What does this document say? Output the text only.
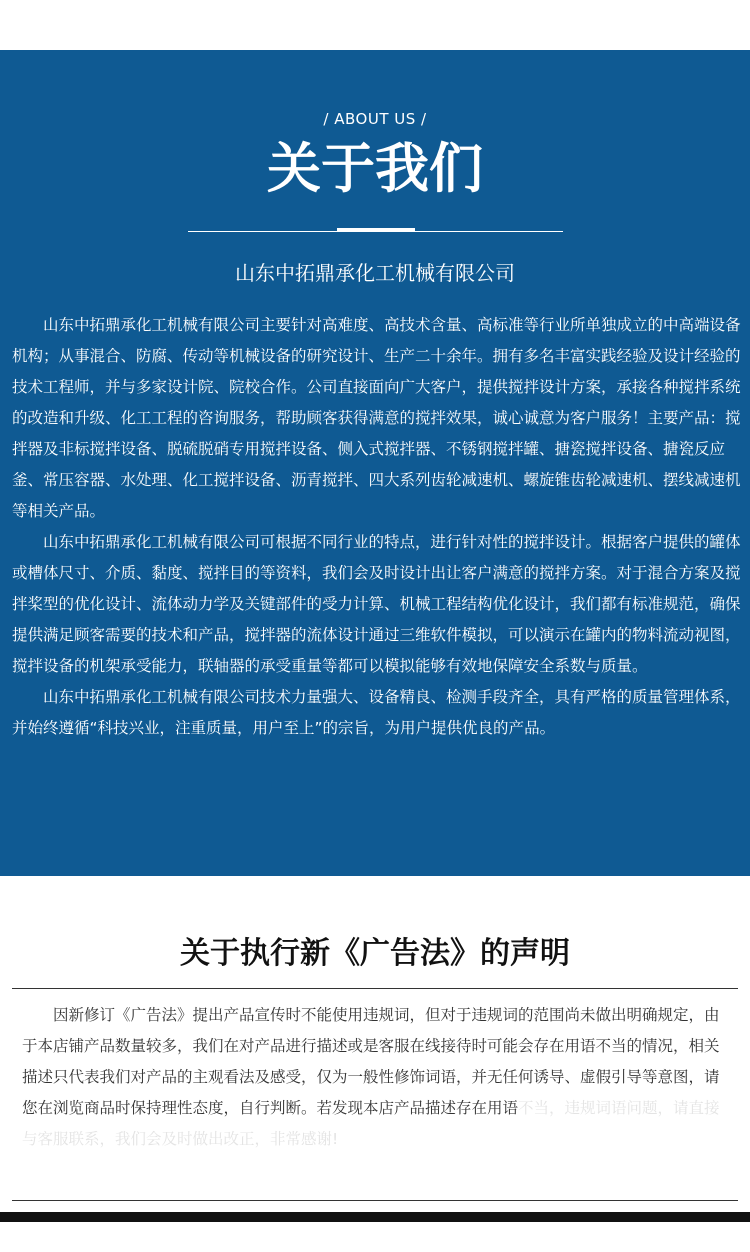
/ ABOUT US /
关于我们
山东中拓鼎承化工机械有限公司

山东中拓鼎承化工机械有限公司主要针对高难度、高技术含量、高标准等行业所单独成立的中高端设备机构；从事混合、防腐、传动等机械设备的研究设计、生产二十余年。拥有多名丰富实践经验及设计经验的技术工程师，并与多家设计院、院校合作。公司直接面向广大客户，提供搅拌设计方案，承接各种搅拌系统的改造和升级、化工工程的咨询服务，帮助顾客获得满意的搅拌效果，诚心诚意为客户服务！主要产品：搅拌器及非标搅拌设备、脱硫脱硝专用搅拌设备、侧入式搅拌器、不锈钢搅拌罐、搪瓷搅拌设备、搪瓷反应釜、常压容器、水处理、化工搅拌设备、沥青搅拌、四大系列齿轮减速机、螺旋锥齿轮减速机、摆线减速机等相关产品。

山东中拓鼎承化工机械有限公司可根据不同行业的特点，进行针对性的搅拌设计。根据客户提供的罐体或槽体尺寸、介质、黏度、搅拌目的等资料，我们会及时设计出让客户满意的搅拌方案。对于混合方案及搅拌桨型的优化设计、流体动力学及关键部件的受力计算、机械工程结构优化设计，我们都有标准规范，确保提供满足顾客需要的技术和产品，搅拌器的流体设计通过三维软件模拟，可以演示在罐内的物料流动视图，搅拌设备的机架承受能力，联轴器的承受重量等都可以模拟能够有效地保障安全系数与质量。

山东中拓鼎承化工机械有限公司技术力量强大、设备精良、检测手段齐全，具有严格的质量管理体系，并始终遵循“科技兴业，注重质量，用户至上”的宗旨，为用户提供优良的产品。

关于执行新《广告法》的声明
因新修订《广告法》提出产品宣传时不能使用违规词，但对于违规词的范围尚未做出明确规定，由于本店铺产品数量较多，我们在对产品进行描述或是客服在线接待时可能会存在用语不当的情况，相关描述只代表我们对产品的主观看法及感受，仅为一般性修饰词语，并无任何诱导、虚假引导等意图，请您在浏览商品时保持理性态度，自行判断。若发现本店产品描述存在用语 不当，违规词语问题，请直接与客服联系，我们会及时做出改正，非常感谢!
